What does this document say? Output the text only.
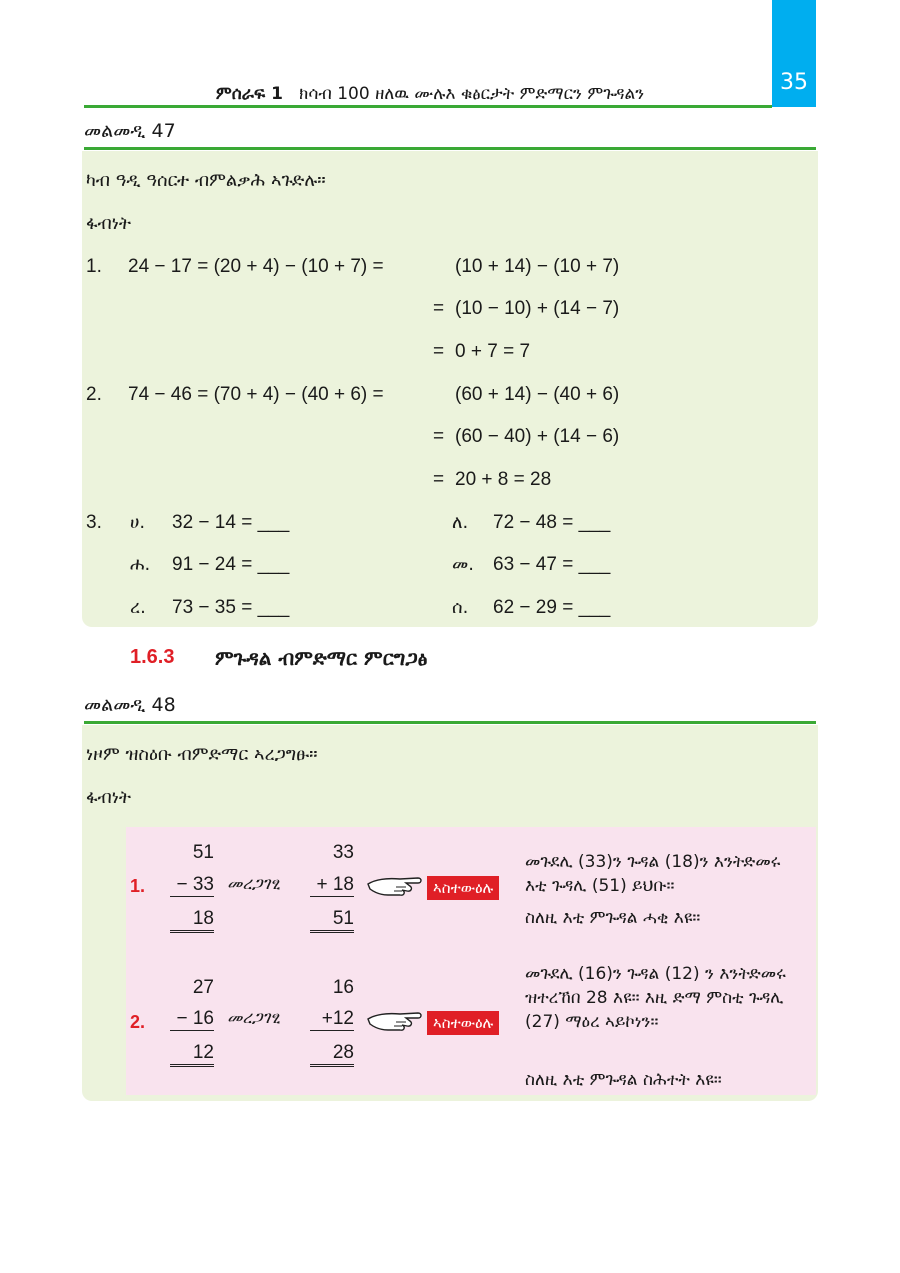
35
ምሰራፍ 1 ክሳብ 100 ዘለዉ ሙሉእ ቁፅርታት ምድማርን ምጉዳልን
መልመዲ 47
ካብ ዓዲ ዓሰርተ ብምልቃሕ ኣጉድሉ።
ፋብነት
1. 24 − 17 = (20 + 4) − (10 + 7) =	(10 + 14) − (10 + 7)
= (10 − 10) + (14 − 7)
= 0 + 7 = 7
2. 74 − 46 = (70 + 4) − (40 + 6) =	(60 + 14) − (40 + 6)
= (60 − 40) + (14 − 6)
= 20 + 8 = 28
3. ሀ. 32 − 14 = ___	ለ. 72 − 48 = ___
ሐ. 91 − 24 = ___	መ. 63 − 47 = ___
ረ. 73 − 35 = ___	ሰ. 62 − 29 = ___
1.6.3 ምጉዳል ብምድማር ምርግጋፅ
መልመዲ 48
ነዞም ዝስዕቡ ብምድማር ኣረጋግፁ።
ፋብነት
1.
51
− 33
18
መረጋገፂ
33
+ 18
51
ኣስተውዕሉ
መጉደሊ (33)ን ጉዳል (18)ን እንትድመሩ እቲ ጉዳሊ (51) ይህቡ።
ስለዚ እቲ ምጉዳል ሓቂ እዩ።
2.
27
− 16
12
መረጋገፂ
16
+12
28
ኣስተውዕሉ
መጉደሊ (16)ን ጉዳል (12) ን እንትድመሩ ዝተረኸበ 28 እዩ። እዚ ድማ ምስቲ ጉዳሊ (27) ማዕረ ኣይኮነን።
ስለዚ እቲ ምጉዳል ስሕተት እዩ።
